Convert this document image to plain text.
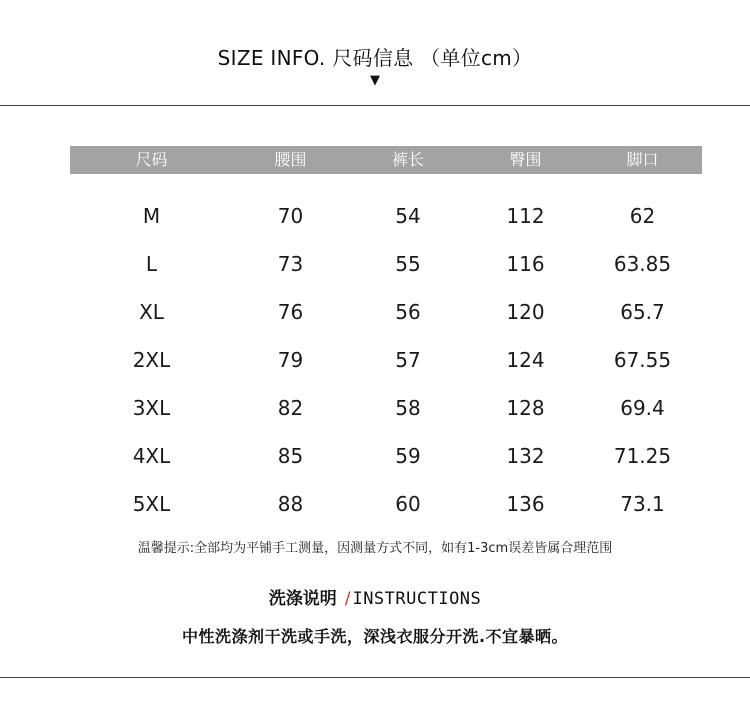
SIZE INFO. 尺码信息 （单位cm）
▼
尺码	腰围	裤长	臀围	脚口
M	70	54	112	62
L	73	55	116	63.85
XL	76	56	120	65.7
2XL	79	57	124	67.55
3XL	82	58	128	69.4
4XL	85	59	132	71.25
5XL	88	60	136	73.1
温馨提示:全部均为平铺手工测量，因测量方式不同，如有1-3cm误差皆属合理范围
洗涤说明 / INSTRUCTIONS
中性洗涤剂干洗或手洗，深浅衣服分开洗.不宜暴晒。
